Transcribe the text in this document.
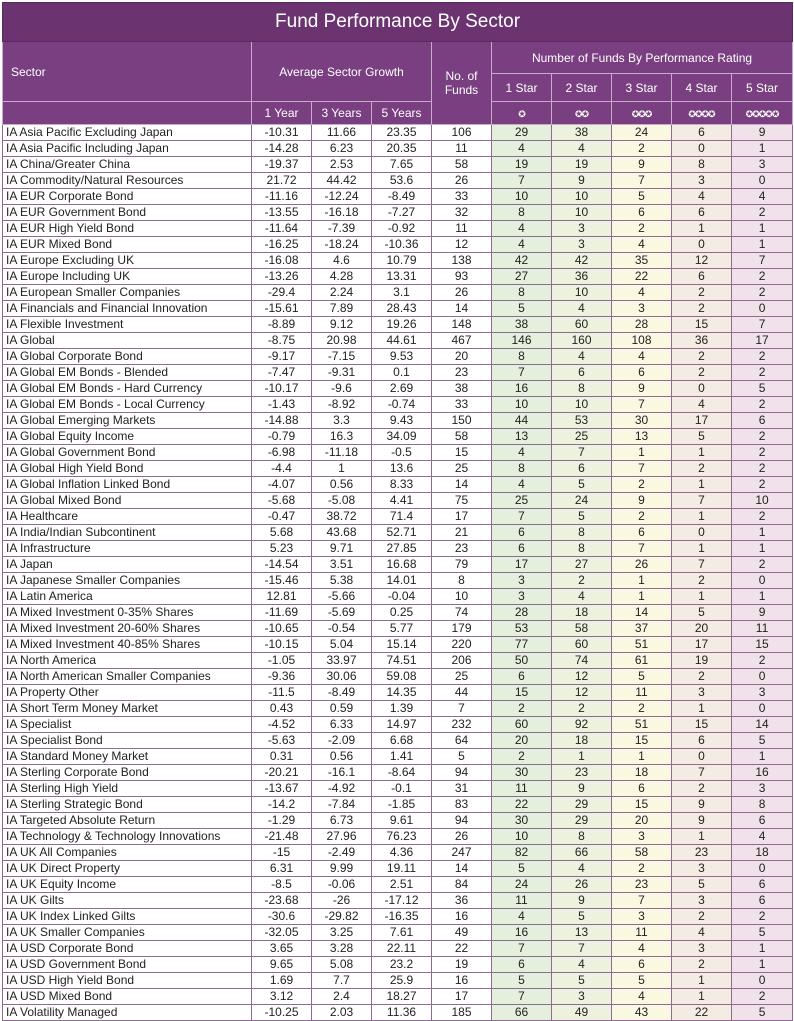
Fund Performance By Sector									
Sector	Average Sector Growth			No. of
Funds	Number of Funds By Performance Rating				
					1 Star	2 Star	3 Star	4 Star	5 Star
	1 Year	3 Years	5 Years		✪	✪✪	✪✪✪	✪✪✪✪	✪✪✪✪✪
IA Asia Pacific Excluding Japan	-10.31	11.66	23.35	106	29	38	24	6	9
IA Asia Pacific Including Japan	-14.28	6.23	20.35	11	4	4	2	0	1
IA China/Greater China	-19.37	2.53	7.65	58	19	19	9	8	3
IA Commodity/Natural Resources	21.72	44.42	53.6	26	7	9	7	3	0
IA EUR Corporate Bond	-11.16	-12.24	-8.49	33	10	10	5	4	4
IA EUR Government Bond	-13.55	-16.18	-7.27	32	8	10	6	6	2
IA EUR High Yield Bond	-11.64	-7.39	-0.92	11	4	3	2	1	1
IA EUR Mixed Bond	-16.25	-18.24	-10.36	12	4	3	4	0	1
IA Europe Excluding UK	-16.08	4.6	10.79	138	42	42	35	12	7
IA Europe Including UK	-13.26	4.28	13.31	93	27	36	22	6	2
IA European Smaller Companies	-29.4	2.24	3.1	26	8	10	4	2	2
IA Financials and Financial Innovation	-15.61	7.89	28.43	14	5	4	3	2	0
IA Flexible Investment	-8.89	9.12	19.26	148	38	60	28	15	7
IA Global	-8.75	20.98	44.61	467	146	160	108	36	17
IA Global Corporate Bond	-9.17	-7.15	9.53	20	8	4	4	2	2
IA Global EM Bonds - Blended	-7.47	-9.31	0.1	23	7	6	6	2	2
IA Global EM Bonds - Hard Currency	-10.17	-9.6	2.69	38	16	8	9	0	5
IA Global EM Bonds - Local Currency	-1.43	-8.92	-0.74	33	10	10	7	4	2
IA Global Emerging Markets	-14.88	3.3	9.43	150	44	53	30	17	6
IA Global Equity Income	-0.79	16.3	34.09	58	13	25	13	5	2
IA Global Government Bond	-6.98	-11.18	-0.5	15	4	7	1	1	2
IA Global High Yield Bond	-4.4	1	13.6	25	8	6	7	2	2
IA Global Inflation Linked Bond	-4.07	0.56	8.33	14	4	5	2	1	2
IA Global Mixed Bond	-5.68	-5.08	4.41	75	25	24	9	7	10
IA Healthcare	-0.47	38.72	71.4	17	7	5	2	1	2
IA India/Indian Subcontinent	5.68	43.68	52.71	21	6	8	6	0	1
IA Infrastructure	5.23	9.71	27.85	23	6	8	7	1	1
IA Japan	-14.54	3.51	16.68	79	17	27	26	7	2
IA Japanese Smaller Companies	-15.46	5.38	14.01	8	3	2	1	2	0
IA Latin America	12.81	-5.66	-0.04	10	3	4	1	1	1
IA Mixed Investment 0-35% Shares	-11.69	-5.69	0.25	74	28	18	14	5	9
IA Mixed Investment 20-60% Shares	-10.65	-0.54	5.77	179	53	58	37	20	11
IA Mixed Investment 40-85% Shares	-10.15	5.04	15.14	220	77	60	51	17	15
IA North America	-1.05	33.97	74.51	206	50	74	61	19	2
IA North American Smaller Companies	-9.36	30.06	59.08	25	6	12	5	2	0
IA Property Other	-11.5	-8.49	14.35	44	15	12	11	3	3
IA Short Term Money Market	0.43	0.59	1.39	7	2	2	2	1	0
IA Specialist	-4.52	6.33	14.97	232	60	92	51	15	14
IA Specialist Bond	-5.63	-2.09	6.68	64	20	18	15	6	5
IA Standard Money Market	0.31	0.56	1.41	5	2	1	1	0	1
IA Sterling Corporate Bond	-20.21	-16.1	-8.64	94	30	23	18	7	16
IA Sterling High Yield	-13.67	-4.92	-0.1	31	11	9	6	2	3
IA Sterling Strategic Bond	-14.2	-7.84	-1.85	83	22	29	15	9	8
IA Targeted Absolute Return	-1.29	6.73	9.61	94	30	29	20	9	6
IA Technology & Technology Innovations	-21.48	27.96	76.23	26	10	8	3	1	4
IA UK All Companies	-15	-2.49	4.36	247	82	66	58	23	18
IA UK Direct Property	6.31	9.99	19.11	14	5	4	2	3	0
IA UK Equity Income	-8.5	-0.06	2.51	84	24	26	23	5	6
IA UK Gilts	-23.68	-26	-17.12	36	11	9	7	3	6
IA UK Index Linked Gilts	-30.6	-29.82	-16.35	16	4	5	3	2	2
IA UK Smaller Companies	-32.05	3.25	7.61	49	16	13	11	4	5
IA USD Corporate Bond	3.65	3.28	22.11	22	7	7	4	3	1
IA USD Government Bond	9.65	5.08	23.2	19	6	4	6	2	1
IA USD High Yield Bond	1.69	7.7	25.9	16	5	5	5	1	0
IA USD Mixed Bond	3.12	2.4	18.27	17	7	3	4	1	2
IA Volatility Managed	-10.25	2.03	11.36	185	66	49	43	22	5
